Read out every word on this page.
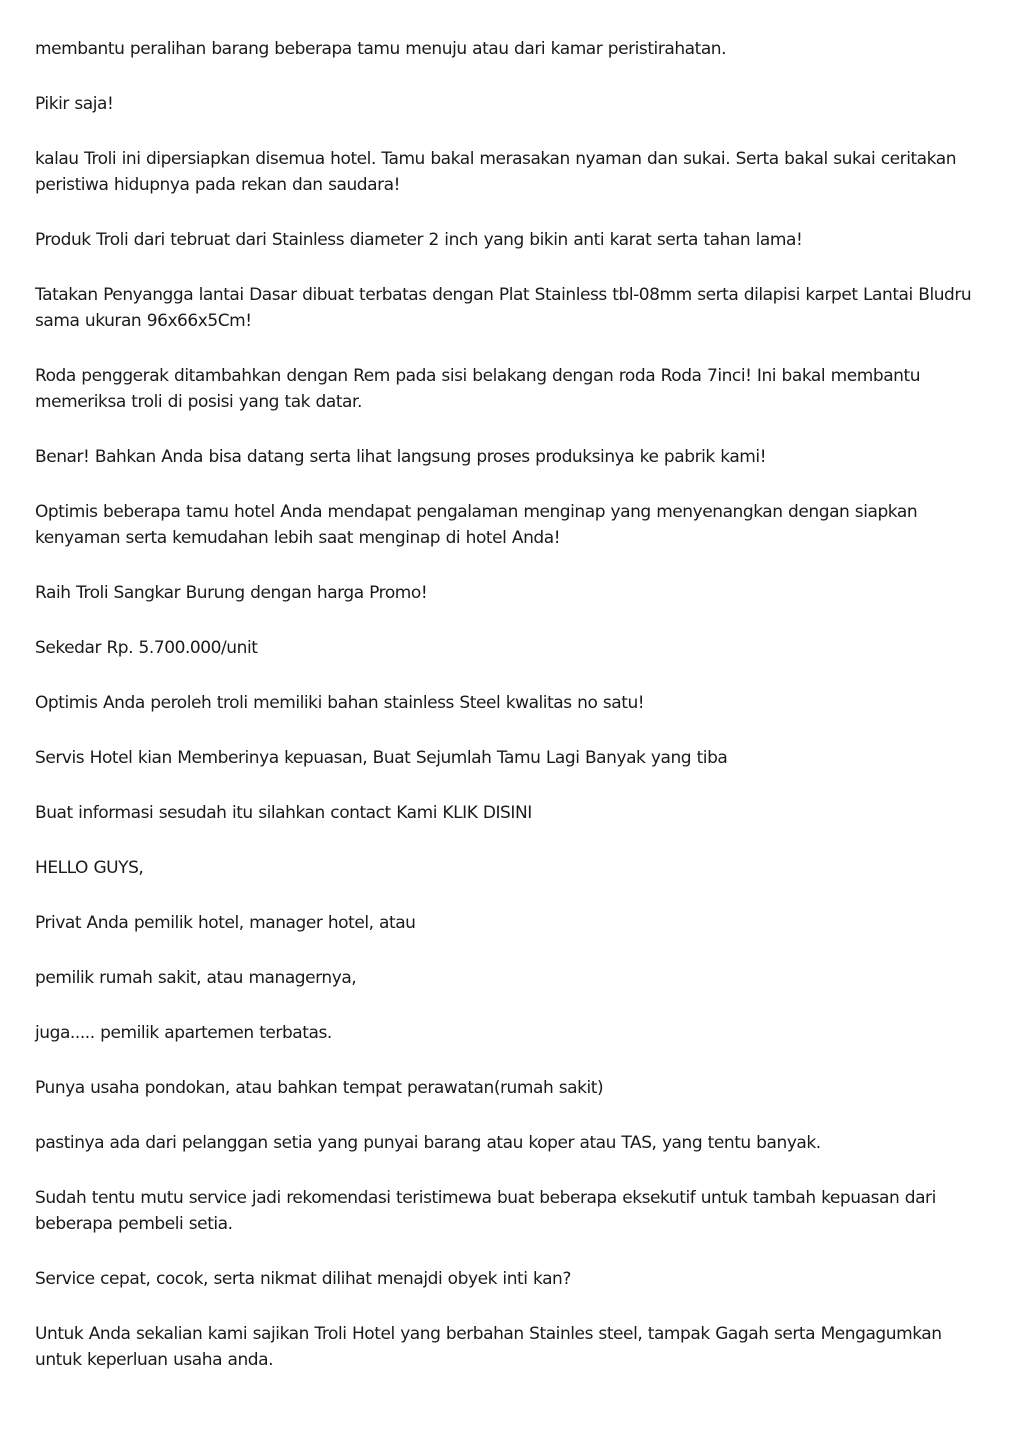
membantu peralihan barang beberapa tamu menuju atau dari kamar peristirahatan.

Pikir saja!

kalau Troli ini dipersiapkan disemua hotel. Tamu bakal merasakan nyaman dan sukai. Serta bakal sukai ceritakan peristiwa hidupnya pada rekan dan saudara!

Produk Troli dari tebruat dari Stainless diameter 2 inch yang bikin anti karat serta tahan lama!

Tatakan Penyangga lantai Dasar dibuat terbatas dengan Plat Stainless tbl-08mm serta dilapisi karpet Lantai Bludru sama ukuran 96x66x5Cm!

Roda penggerak ditambahkan dengan Rem pada sisi belakang dengan roda Roda 7inci! Ini bakal membantu memeriksa troli di posisi yang tak datar.

Benar! Bahkan Anda bisa datang serta lihat langsung proses produksinya ke pabrik kami!

Optimis beberapa tamu hotel Anda mendapat pengalaman menginap yang menyenangkan dengan siapkan kenyaman serta kemudahan lebih saat menginap di hotel Anda!

Raih Troli Sangkar Burung dengan harga Promo!

Sekedar Rp. 5.700.000/unit

Optimis Anda peroleh troli memiliki bahan stainless Steel kwalitas no satu!

Servis Hotel kian Memberinya kepuasan, Buat Sejumlah Tamu Lagi Banyak yang tiba

Buat informasi sesudah itu silahkan contact Kami KLIK DISINI

HELLO GUYS,

Privat Anda pemilik hotel, manager hotel, atau

pemilik rumah sakit, atau managernya,

juga..... pemilik apartemen terbatas.

Punya usaha pondokan, atau bahkan tempat perawatan(rumah sakit)

pastinya ada dari pelanggan setia yang punyai barang atau koper atau TAS, yang tentu banyak.

Sudah tentu mutu service jadi rekomendasi teristimewa buat beberapa eksekutif untuk tambah kepuasan dari beberapa pembeli setia.

Service cepat, cocok, serta nikmat dilihat menajdi obyek inti kan?

Untuk Anda sekalian kami sajikan Troli Hotel yang berbahan Stainles steel, tampak Gagah serta Mengagumkan untuk keperluan usaha anda.
